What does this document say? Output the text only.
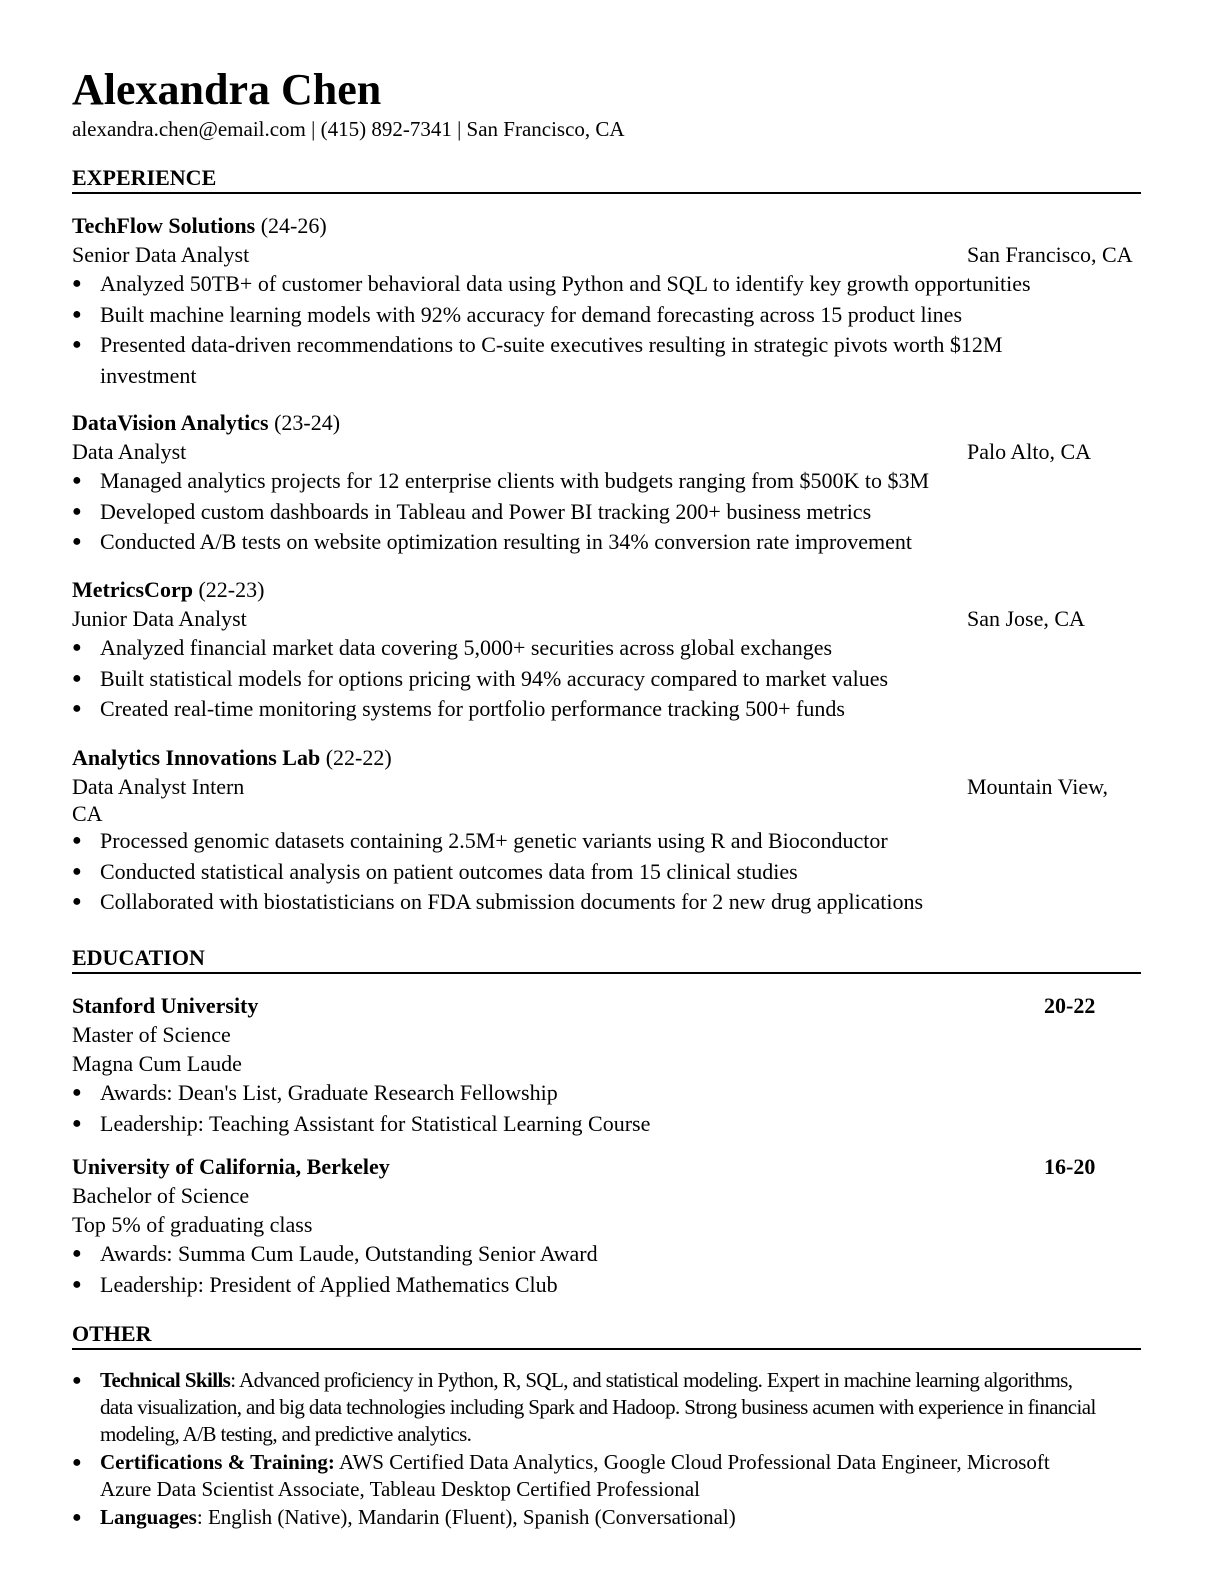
Alexandra Chen
alexandra.chen@email.com | (415) 892-7341 | San Francisco, CA
EXPERIENCE
TechFlow Solutions (24-26)
Senior Data Analyst	San Francisco, CA
● Analyzed 50TB+ of customer behavioral data using Python and SQL to identify key growth opportunities
● Built machine learning models with 92% accuracy for demand forecasting across 15 product lines
● Presented data-driven recommendations to C-suite executives resulting in strategic pivots worth $12M investment
DataVision Analytics (23-24)
Data Analyst	Palo Alto, CA
● Managed analytics projects for 12 enterprise clients with budgets ranging from $500K to $3M
● Developed custom dashboards in Tableau and Power BI tracking 200+ business metrics
● Conducted A/B tests on website optimization resulting in 34% conversion rate improvement
MetricsCorp (22-23)
Junior Data Analyst	San Jose, CA
● Analyzed financial market data covering 5,000+ securities across global exchanges
● Built statistical models for options pricing with 94% accuracy compared to market values
● Created real-time monitoring systems for portfolio performance tracking 500+ funds
Analytics Innovations Lab (22-22)
Data Analyst Intern	Mountain View,
CA
● Processed genomic datasets containing 2.5M+ genetic variants using R and Bioconductor
● Conducted statistical analysis on patient outcomes data from 15 clinical studies
● Collaborated with biostatisticians on FDA submission documents for 2 new drug applications
EDUCATION
Stanford University	20-22
Master of Science
Magna Cum Laude
● Awards: Dean's List, Graduate Research Fellowship
● Leadership: Teaching Assistant for Statistical Learning Course
University of California, Berkeley	16-20
Bachelor of Science
Top 5% of graduating class
● Awards: Summa Cum Laude, Outstanding Senior Award
● Leadership: President of Applied Mathematics Club
OTHER
● Technical Skills: Advanced proficiency in Python, R, SQL, and statistical modeling. Expert in machine learning algorithms, data visualization, and big data technologies including Spark and Hadoop. Strong business acumen with experience in financial modeling, A/B testing, and predictive analytics.
● Certifications & Training: AWS Certified Data Analytics, Google Cloud Professional Data Engineer, Microsoft Azure Data Scientist Associate, Tableau Desktop Certified Professional
● Languages: English (Native), Mandarin (Fluent), Spanish (Conversational)
